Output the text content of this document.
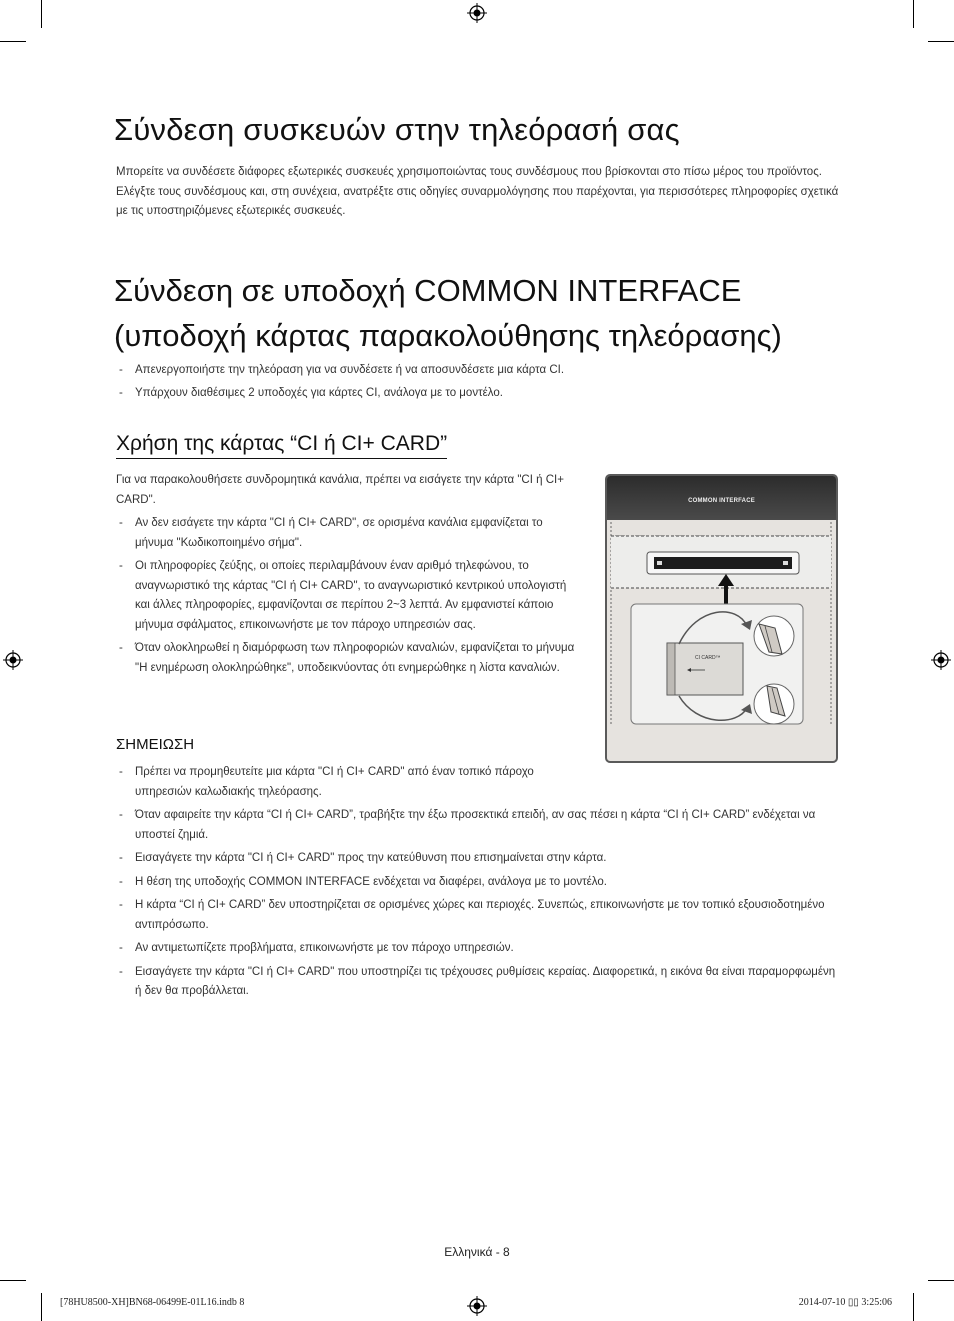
Σύνδεση συσκευών στην τηλεόρασή σας

Μπορείτε να συνδέσετε διάφορες εξωτερικές συσκευές χρησιμοποιώντας τους συνδέσμους που βρίσκονται στο πίσω μέρος του προϊόντος. Ελέγξτε τους συνδέσμους και, στη συνέχεια, ανατρέξτε στις οδηγίες συναρμολόγησης που παρέχονται, για περισσότερες πληροφορίες σχετικά με τις υποστηριζόμενες εξωτερικές συσκευές.

Σύνδεση σε υποδοχή COMMON INTERFACE (υποδοχή κάρτας παρακολούθησης τηλεόρασης)
- Απενεργοποιήστε την τηλεόραση για να συνδέσετε ή να αποσυνδέσετε μια κάρτα CI.
- Υπάρχουν διαθέσιμες 2 υποδοχές για κάρτες CI, ανάλογα με το μοντέλο.
Χρήση της κάρτας “CI ή CI+ CARD”

Για να παρακολουθήσετε συνδρομητικά κανάλια, πρέπει να εισάγετε την κάρτα "CI ή CI+ CARD".

- Αν δεν εισάγετε την κάρτα "CI ή CI+ CARD", σε ορισμένα κανάλια εμφανίζεται το μήνυμα "Κωδικοποιημένο σήμα".
- Οι πληροφορίες ζεύξης, οι οποίες περιλαμβάνουν έναν αριθμό τηλεφώνου, το αναγνωριστικό της κάρτας "CI ή CI+ CARD", το αναγνωριστικό κεντρικού υπολογιστή και άλλες πληροφορίες, εμφανίζονται σε περίπου 2~3 λεπτά. Αν εμφανιστεί κάποιο μήνυμα σφάλματος, επικοινωνήστε με τον πάροχο υπηρεσιών σας.
- Όταν ολοκληρωθεί η διαμόρφωση των πληροφοριών καναλιών, εμφανίζεται το μήνυμα "Η ενημέρωση ολοκληρώθηκε", υποδεικνύοντας ότι ενημερώθηκε η λίστα καναλιών.
COMMON INTERFACE
CI CARD™
ΣΗΜΕΙΩΣΗ
- Πρέπει να προμηθευτείτε μια κάρτα "CI ή CI+ CARD" από έναν τοπικό πάροχο υπηρεσιών καλωδιακής τηλεόρασης.
- Όταν αφαιρείτε την κάρτα “CI ή CI+ CARD”, τραβήξτε την έξω προσεκτικά επειδή, αν σας πέσει η κάρτα “CI ή CI+ CARD” ενδέχεται να υποστεί ζημιά.
- Εισαγάγετε την κάρτα "CI ή CI+ CARD" προς την κατεύθυνση που επισημαίνεται στην κάρτα.
- Η θέση της υποδοχής COMMON INTERFACE ενδέχεται να διαφέρει, ανάλογα με το μοντέλο.
- Η κάρτα “CI ή CI+ CARD” δεν υποστηρίζεται σε ορισμένες χώρες και περιοχές. Συνεπώς, επικοινωνήστε με τον τοπικό εξουσιοδοτημένο αντιπρόσωπο.
- Αν αντιμετωπίζετε προβλήματα, επικοινωνήστε με τον πάροχο υπηρεσιών.
- Εισαγάγετε την κάρτα "CI ή CI+ CARD" που υποστηρίζει τις τρέχουσες ρυθμίσεις κεραίας. Διαφορετικά, η εικόνα θα είναι παραμορφωμένη ή δεν θα προβάλλεται.
Ελληνικά - 8
[78HU8500-XH]BN68-06499E-01L16.indb 8	2014-07-10 ▯▯ 3:25:06
